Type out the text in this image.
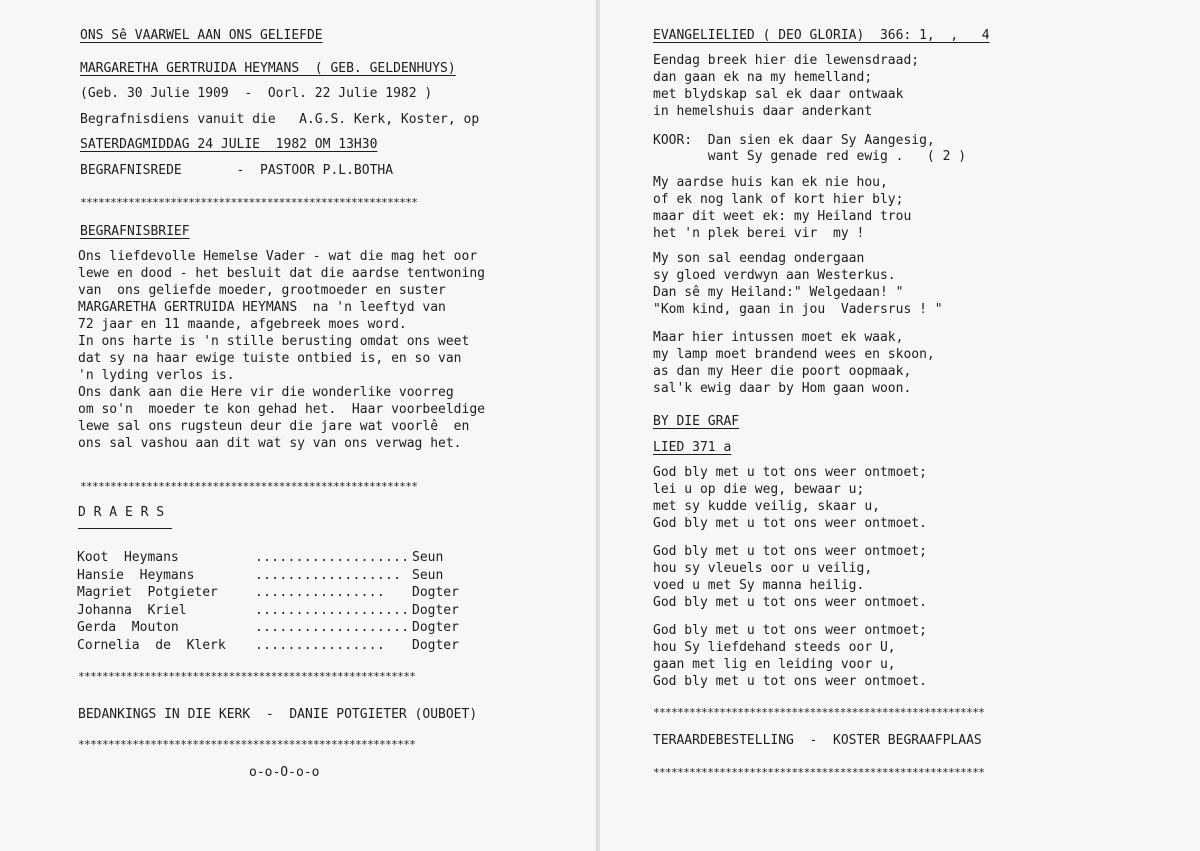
ONS Sê VAARWEL AAN ONS GELIEFDE
MARGARETHA GERTRUIDA HEYMANS  ( GEB. GELDENHUYS)
(Geb. 30 Julie 1909  -  Oorl. 22 Julie 1982 )
Begrafnisdiens vanuit die   A.G.S. Kerk, Koster, op
SATERDAGMIDDAG 24 JULIE  1982 OM 13H30
BEGRAFNISREDE       -  PASTOOR P.L.BOTHA
********************************************************
BEGRAFNISBRIEF
Ons liefdevolle Hemelse Vader - wat die mag het oor
lewe en dood - het besluit dat die aardse tentwoning
van  ons geliefde moeder, grootmoeder en suster
MARGARETHA GERTRUIDA HEYMANS  na 'n leeftyd van
72 jaar en 11 maande, afgebreek moes word.
In ons harte is 'n stille berusting omdat ons weet
dat sy na haar ewige tuiste ontbied is, en so van
'n lyding verlos is.
Ons dank aan die Here vir die wonderlike voorreg
om so'n  moeder te kon gehad het.  Haar voorbeeldige
lewe sal ons rugsteun deur die jare wat voorlê  en
ons sal vashou aan dit wat sy van ons verwag het.
********************************************************
D R A E R S
Koot  Heymans	................... Seun
Hansie  Heymans	.................. Seun
Magriet  Potgieter	................ Dogter
Johanna  Kriel	................... Dogter
Gerda  Mouton	................... Dogter
Cornelia  de  Klerk ................ Dogter
********************************************************
BEDANKINGS IN DIE KERK  -  DANIE POTGIETER (OUBOET)
********************************************************
o-o-O-o-o
EVANGELIELIED ( DEO GLORIA)  366: 1,  ,   4
Eendag breek hier die lewensdraad;
dan gaan ek na my hemelland;
met blydskap sal ek daar ontwaak
in hemelshuis daar anderkant
KOOR:  Dan sien ek daar Sy Aangesig,
want Sy genade red ewig .   ( 2 )
My aardse huis kan ek nie hou,
of ek nog lank of kort hier bly;
maar dit weet ek: my Heiland trou
het 'n plek berei vir  my !
My son sal eendag ondergaan
sy gloed verdwyn aan Westerkus.
Dan sê my Heiland:" Welgedaan! "
"Kom kind, gaan in jou  Vadersrus ! "
Maar hier intussen moet ek waak,
my lamp moet brandend wees en skoon,
as dan my Heer die poort oopmaak,
sal'k ewig daar by Hom gaan woon.
BY DIE GRAF
LIED 371 a
God bly met u tot ons weer ontmoet;
lei u op die weg, bewaar u;
met sy kudde veilig, skaar u,
God bly met u tot ons weer ontmoet.
God bly met u tot ons weer ontmoet;
hou sy vleuels oor u veilig,
voed u met Sy manna heilig.
God bly met u tot ons weer ontmoet.
God bly met u tot ons weer ontmoet;
hou Sy liefdehand steeds oor U,
gaan met lig en leiding voor u,
God bly met u tot ons weer ontmoet.
*******************************************************
TERAARDEBESTELLING  -  KOSTER BEGRAAFPLAAS
*******************************************************
